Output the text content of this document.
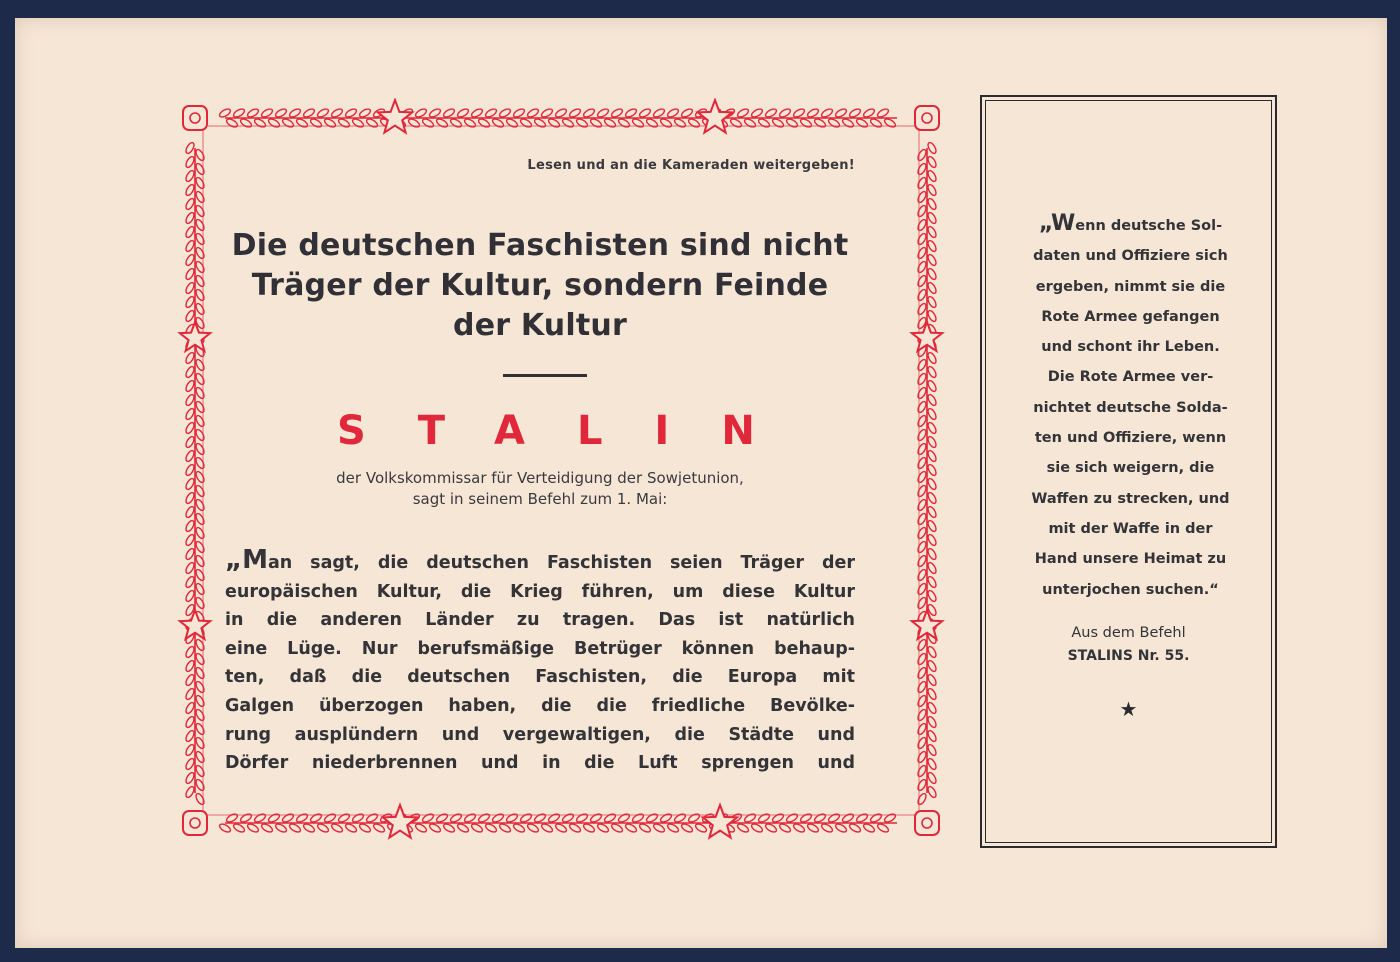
Lesen und an die Kameraden weitergeben!
Die deutschen Faschisten sind nicht
Träger der Kultur, sondern Feinde
der Kultur
STALIN
der Volkskommissar für Verteidigung der Sowjetunion,
sagt in seinem Befehl zum 1. Mai:
„Man sagt, die deutschen Faschisten seien Träger der
europäischen Kultur, die Krieg führen, um diese Kultur
in die anderen Länder zu tragen. Das ist natürlich
eine Lüge. Nur berufsmäßige Betrüger können behaup-
ten, daß die deutschen Faschisten, die Europa mit
Galgen überzogen haben, die die friedliche Bevölke-
rung ausplündern und vergewaltigen, die Städte und
Dörfer niederbrennen und in die Luft sprengen und
„Wenn deutsche Sol-
daten und Offiziere sich
ergeben, nimmt sie die
Rote Armee gefangen
und schont ihr Leben.
Die Rote Armee ver-
nichtet deutsche Solda-
ten und Offiziere, wenn
sie sich weigern, die
Waffen zu strecken, und
mit der Waffe in der
Hand unsere Heimat zu
unterjochen suchen.“
Aus dem Befehl
STALINS Nr. 55.
★
